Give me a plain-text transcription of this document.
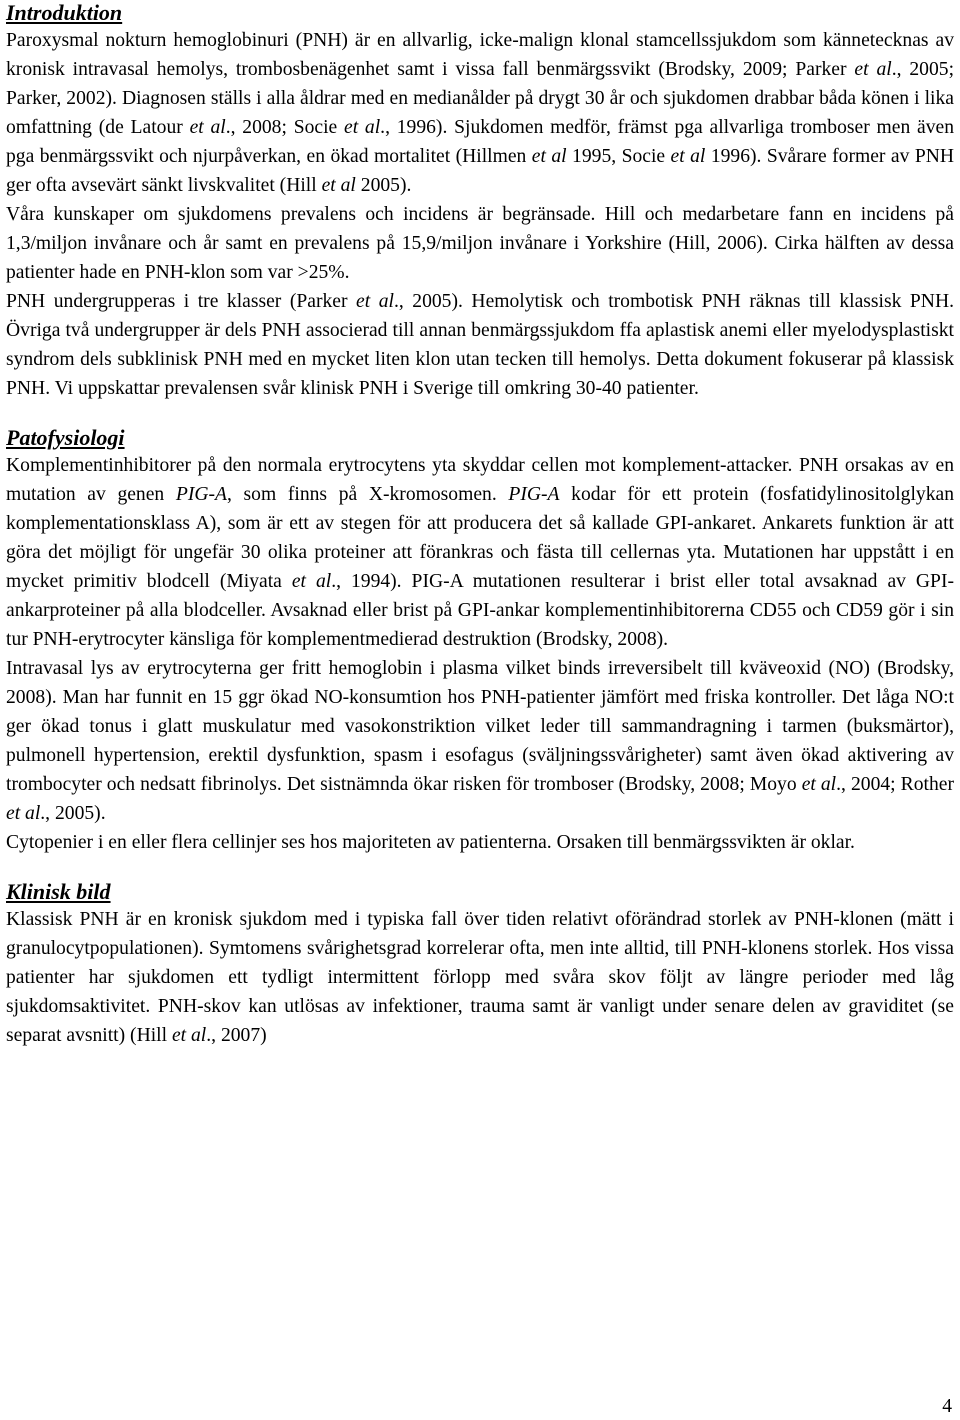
Introduktion

Paroxysmal nokturn hemoglobinuri (PNH) är en allvarlig, icke-malign klonal stamcellssjukdom som kännetecknas av kronisk intravasal hemolys, trombosbenägenhet samt i vissa fall benmärgssvikt (Brodsky, 2009; Parker et al., 2005; Parker, 2002). Diagnosen ställs i alla åldrar med en medianålder på drygt 30 år och sjukdomen drabbar båda könen i lika omfattning (de Latour et al., 2008; Socie et al., 1996). Sjukdomen medför, främst pga allvarliga tromboser men även pga benmärgssvikt och njurpåverkan, en ökad mortalitet (Hillmen et al 1995, Socie et al 1996). Svårare former av PNH ger ofta avsevärt sänkt livskvalitet (Hill et al 2005).

Våra kunskaper om sjukdomens prevalens och incidens är begränsade. Hill och medarbetare fann en incidens på 1,3/miljon invånare och år samt en prevalens på 15,9/miljon invånare i Yorkshire (Hill, 2006). Cirka hälften av dessa patienter hade en PNH-klon som var >25%.

PNH undergrupperas i tre klasser (Parker et al., 2005). Hemolytisk och trombotisk PNH räknas till klassisk PNH. Övriga två undergrupper är dels PNH associerad till annan benmärgssjukdom ffa aplastisk anemi eller myelodysplastiskt syndrom dels subklinisk PNH med en mycket liten klon utan tecken till hemolys. Detta dokument fokuserar på klassisk PNH. Vi uppskattar prevalensen svår klinisk PNH i Sverige till omkring 30-40 patienter.

Patofysiologi

Komplementinhibitorer på den normala erytrocytens yta skyddar cellen mot komplement-attacker. PNH orsakas av en mutation av genen PIG-A, som finns på X-kromosomen. PIG-A kodar för ett protein (fosfatidylinositolglykan komplementationsklass A), som är ett av stegen för att producera det så kallade GPI-ankaret. Ankarets funktion är att göra det möjligt för ungefär 30 olika proteiner att förankras och fästa till cellernas yta. Mutationen har uppstått i en mycket primitiv blodcell (Miyata et al., 1994). PIG-A mutationen resulterar i brist eller total avsaknad av GPI-ankarproteiner på alla blodceller. Avsaknad eller brist på GPI-ankar komplementinhibitorerna CD55 och CD59 gör i sin tur PNH-erytrocyter känsliga för komplementmedierad destruktion (Brodsky, 2008).

Intravasal lys av erytrocyterna ger fritt hemoglobin i plasma vilket binds irreversibelt till kväveoxid (NO) (Brodsky, 2008). Man har funnit en 15 ggr ökad NO-konsumtion hos PNH-patienter jämfört med friska kontroller. Det låga NO:t ger ökad tonus i glatt muskulatur med vasokonstriktion vilket leder till sammandragning i tarmen (buksmärtor), pulmonell hypertension, erektil dysfunktion, spasm i esofagus (sväljningssvårigheter) samt även ökad aktivering av trombocyter och nedsatt fibrinolys. Det sistnämnda ökar risken för tromboser (Brodsky, 2008; Moyo et al., 2004; Rother et al., 2005).

Cytopenier i en eller flera cellinjer ses hos majoriteten av patienterna. Orsaken till benmärgssvikten är oklar.

Klinisk bild

Klassisk PNH är en kronisk sjukdom med i typiska fall över tiden relativt oförändrad storlek av PNH-klonen (mätt i granulocytpopulationen). Symtomens svårighetsgrad korrelerar ofta, men inte alltid, till PNH-klonens storlek. Hos vissa patienter har sjukdomen ett tydligt intermittent förlopp med svåra skov följt av längre perioder med låg sjukdomsaktivitet. PNH-skov kan utlösas av infektioner, trauma samt är vanligt under senare delen av graviditet (se separat avsnitt) (Hill et al., 2007)

4
